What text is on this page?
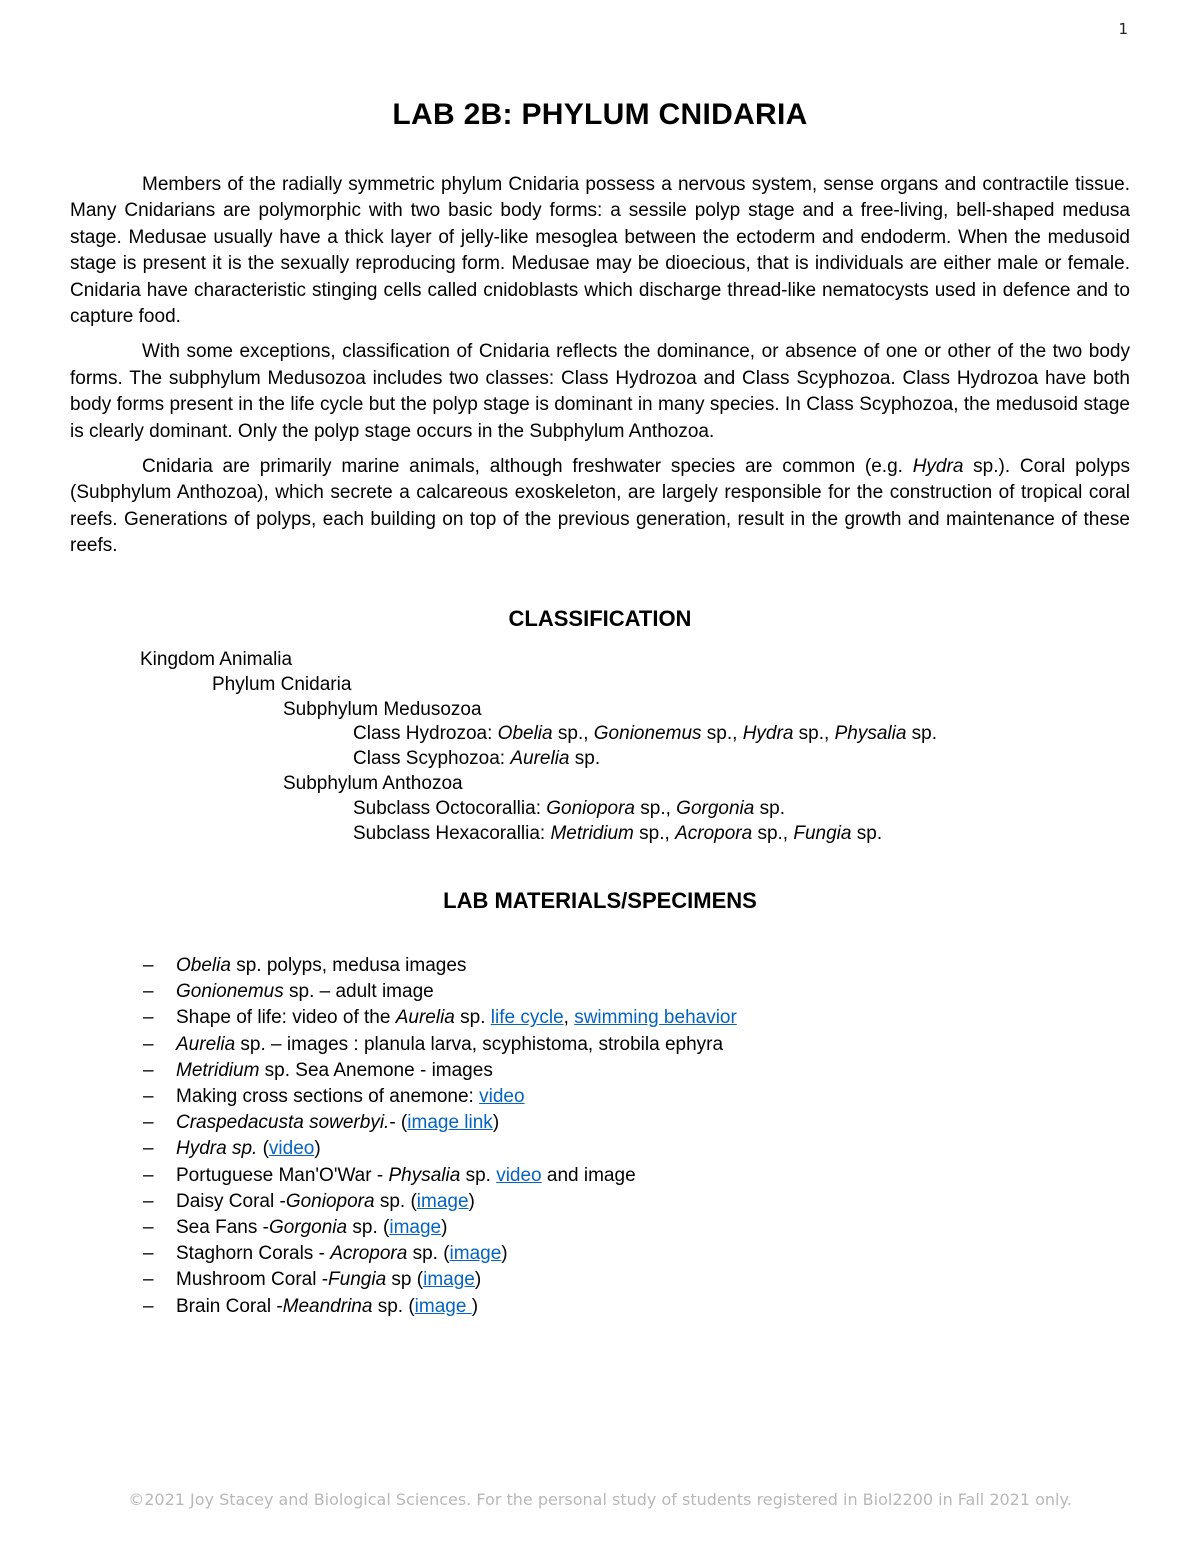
1
LAB 2B: PHYLUM CNIDARIA

Members of the radially symmetric phylum Cnidaria possess a nervous system, sense organs and contractile tissue. Many Cnidarians are polymorphic with two basic body forms: a sessile polyp stage and a free-living, bell-shaped medusa stage. Medusae usually have a thick layer of jelly-like mesoglea between the ectoderm and endoderm. When the medusoid stage is present it is the sexually reproducing form. Medusae may be dioecious, that is individuals are either male or female. Cnidaria have characteristic stinging cells called cnidoblasts which discharge thread-like nematocysts used in defence and to capture food.

With some exceptions, classification of Cnidaria reflects the dominance, or absence of one or other of the two body forms. The subphylum Medusozoa includes two classes: Class Hydrozoa and Class Scyphozoa. Class Hydrozoa have both body forms present in the life cycle but the polyp stage is dominant in many species. In Class Scyphozoa, the medusoid stage is clearly dominant. Only the polyp stage occurs in the Subphylum Anthozoa.

Cnidaria are primarily marine animals, although freshwater species are common (e.g. Hydra sp.). Coral polyps (Subphylum Anthozoa), which secrete a calcareous exoskeleton, are largely responsible for the construction of tropical coral reefs. Generations of polyps, each building on top of the previous generation, result in the growth and maintenance of these reefs.

CLASSIFICATION
Kingdom Animalia
Phylum Cnidaria
Subphylum Medusozoa
Class Hydrozoa: Obelia sp., Gonionemus sp., Hydra sp., Physalia sp.
Class Scyphozoa: Aurelia sp.
Subphylum Anthozoa
Subclass Octocorallia: Goniopora sp., Gorgonia sp.
Subclass Hexacorallia: Metridium sp., Acropora sp., Fungia sp.
LAB MATERIALS/SPECIMENS
– Obelia sp. polyps, medusa images
– Gonionemus sp. – adult image
– Shape of life: video of the Aurelia sp. life cycle, swimming behavior
– Aurelia sp. – images : planula larva, scyphistoma, strobila ephyra
– Metridium sp. Sea Anemone - images
– Making cross sections of anemone: video
– Craspedacusta sowerbyi.- (image link)
– Hydra sp. (video)
– Portuguese Man'O'War - Physalia sp. video and image
– Daisy Coral -Goniopora sp. (image)
– Sea Fans -Gorgonia sp. (image)
– Staghorn Corals - Acropora sp. (image)
– Mushroom Coral -Fungia sp (image)
– Brain Coral -Meandrina sp. (image )
©2021 Joy Stacey and Biological Sciences. For the personal study of students registered in Biol2200 in Fall 2021 only.
